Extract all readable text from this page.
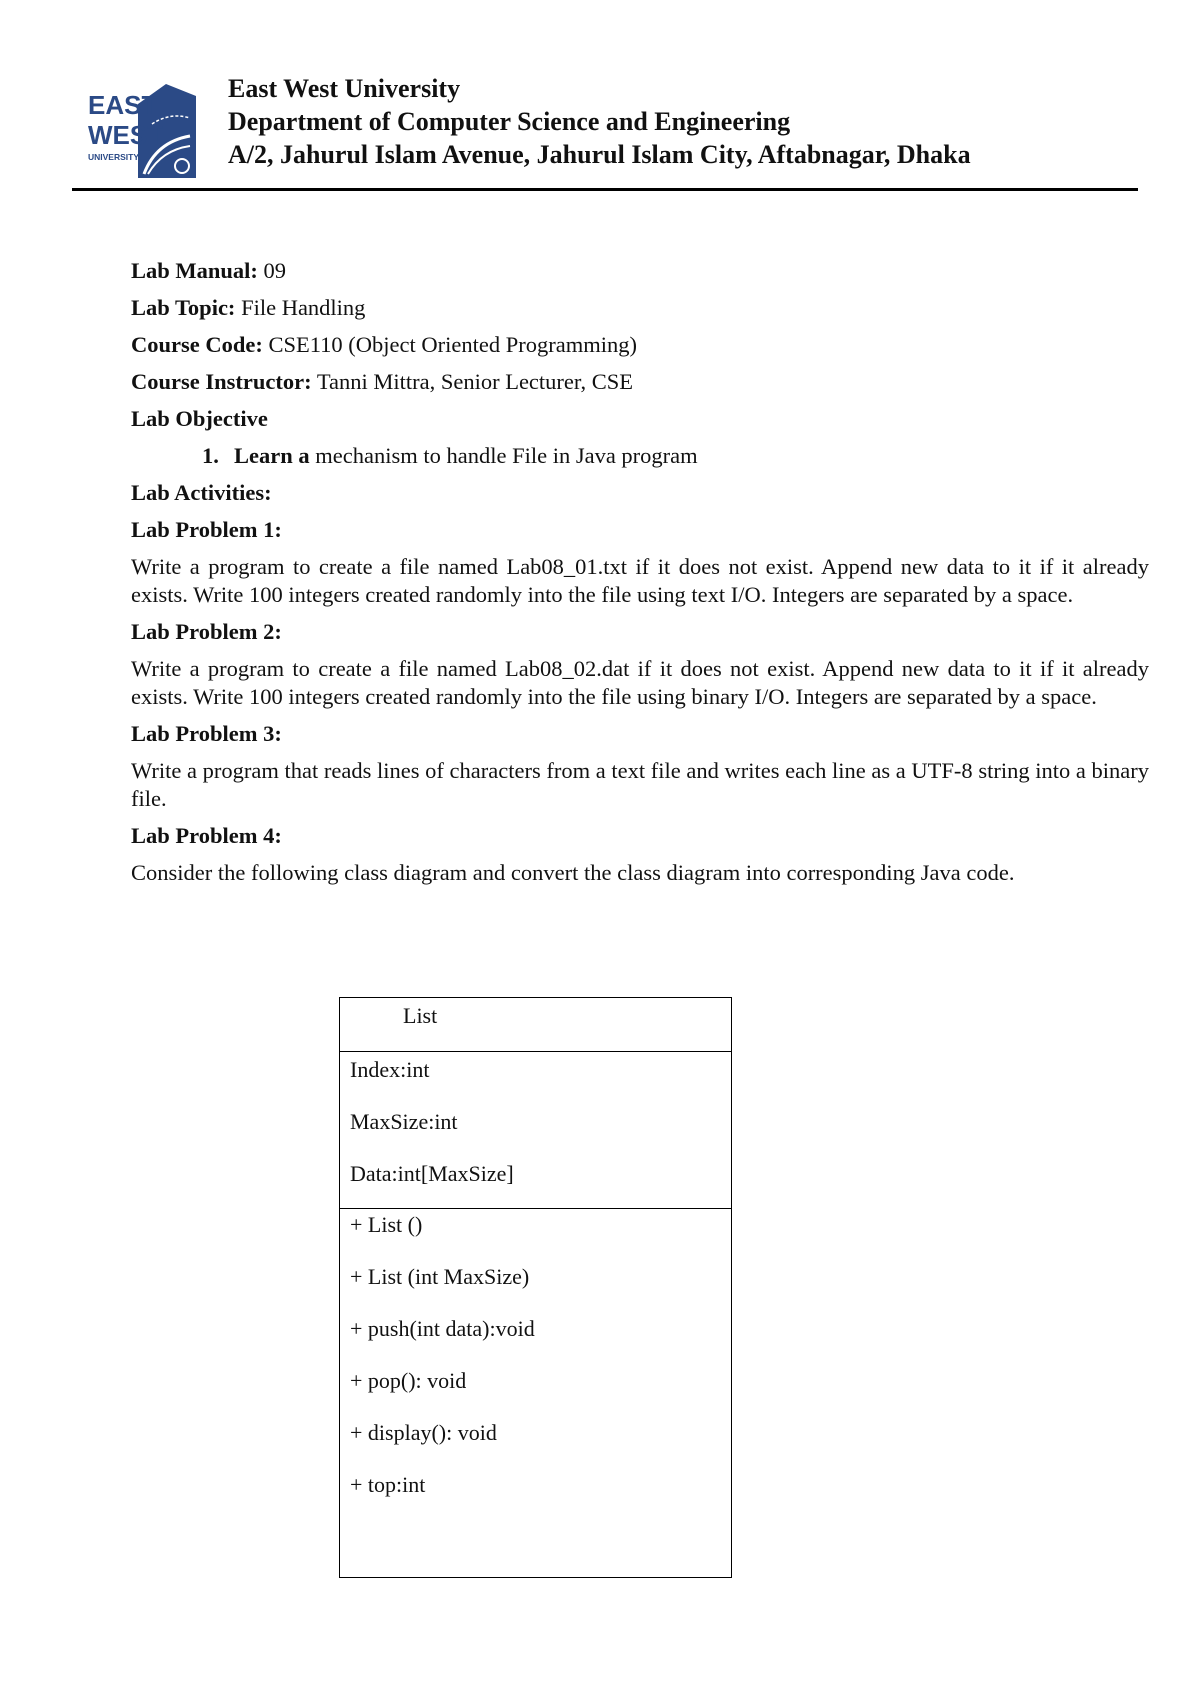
EAST
WEST
UNIVERSITY
East West University
Department of Computer Science and Engineering
A/2, Jahurul Islam Avenue, Jahurul Islam City, Aftabnagar, Dhaka
Lab Manual: 09
Lab Topic: File Handling
Course Code: CSE110 (Object Oriented Programming)
Course Instructor: Tanni Mittra, Senior Lecturer, CSE
Lab Objective
1. Learn a mechanism to handle File in Java program
Lab Activities:
Lab Problem 1:
Write a program to create a file named Lab08_01.txt if it does not exist. Append new data to it if it already exists. Write 100 integers created randomly into the file using text I/O. Integers are separated by a space.
Lab Problem 2:
Write a program to create a file named Lab08_02.dat if it does not exist. Append new data to it if it already exists. Write 100 integers created randomly into the file using binary I/O. Integers are separated by a space.
Lab Problem 3:
Write a program that reads lines of characters from a text file and writes each line as a UTF-8 string into a binary file.
Lab Problem 4:
Consider the following class diagram and convert the class diagram into corresponding Java code.
List
Index:int
MaxSize:int
Data:int[MaxSize]
+ List ()
+ List (int MaxSize)
+ push(int data):void
+ pop(): void
+ display(): void
+ top:int
